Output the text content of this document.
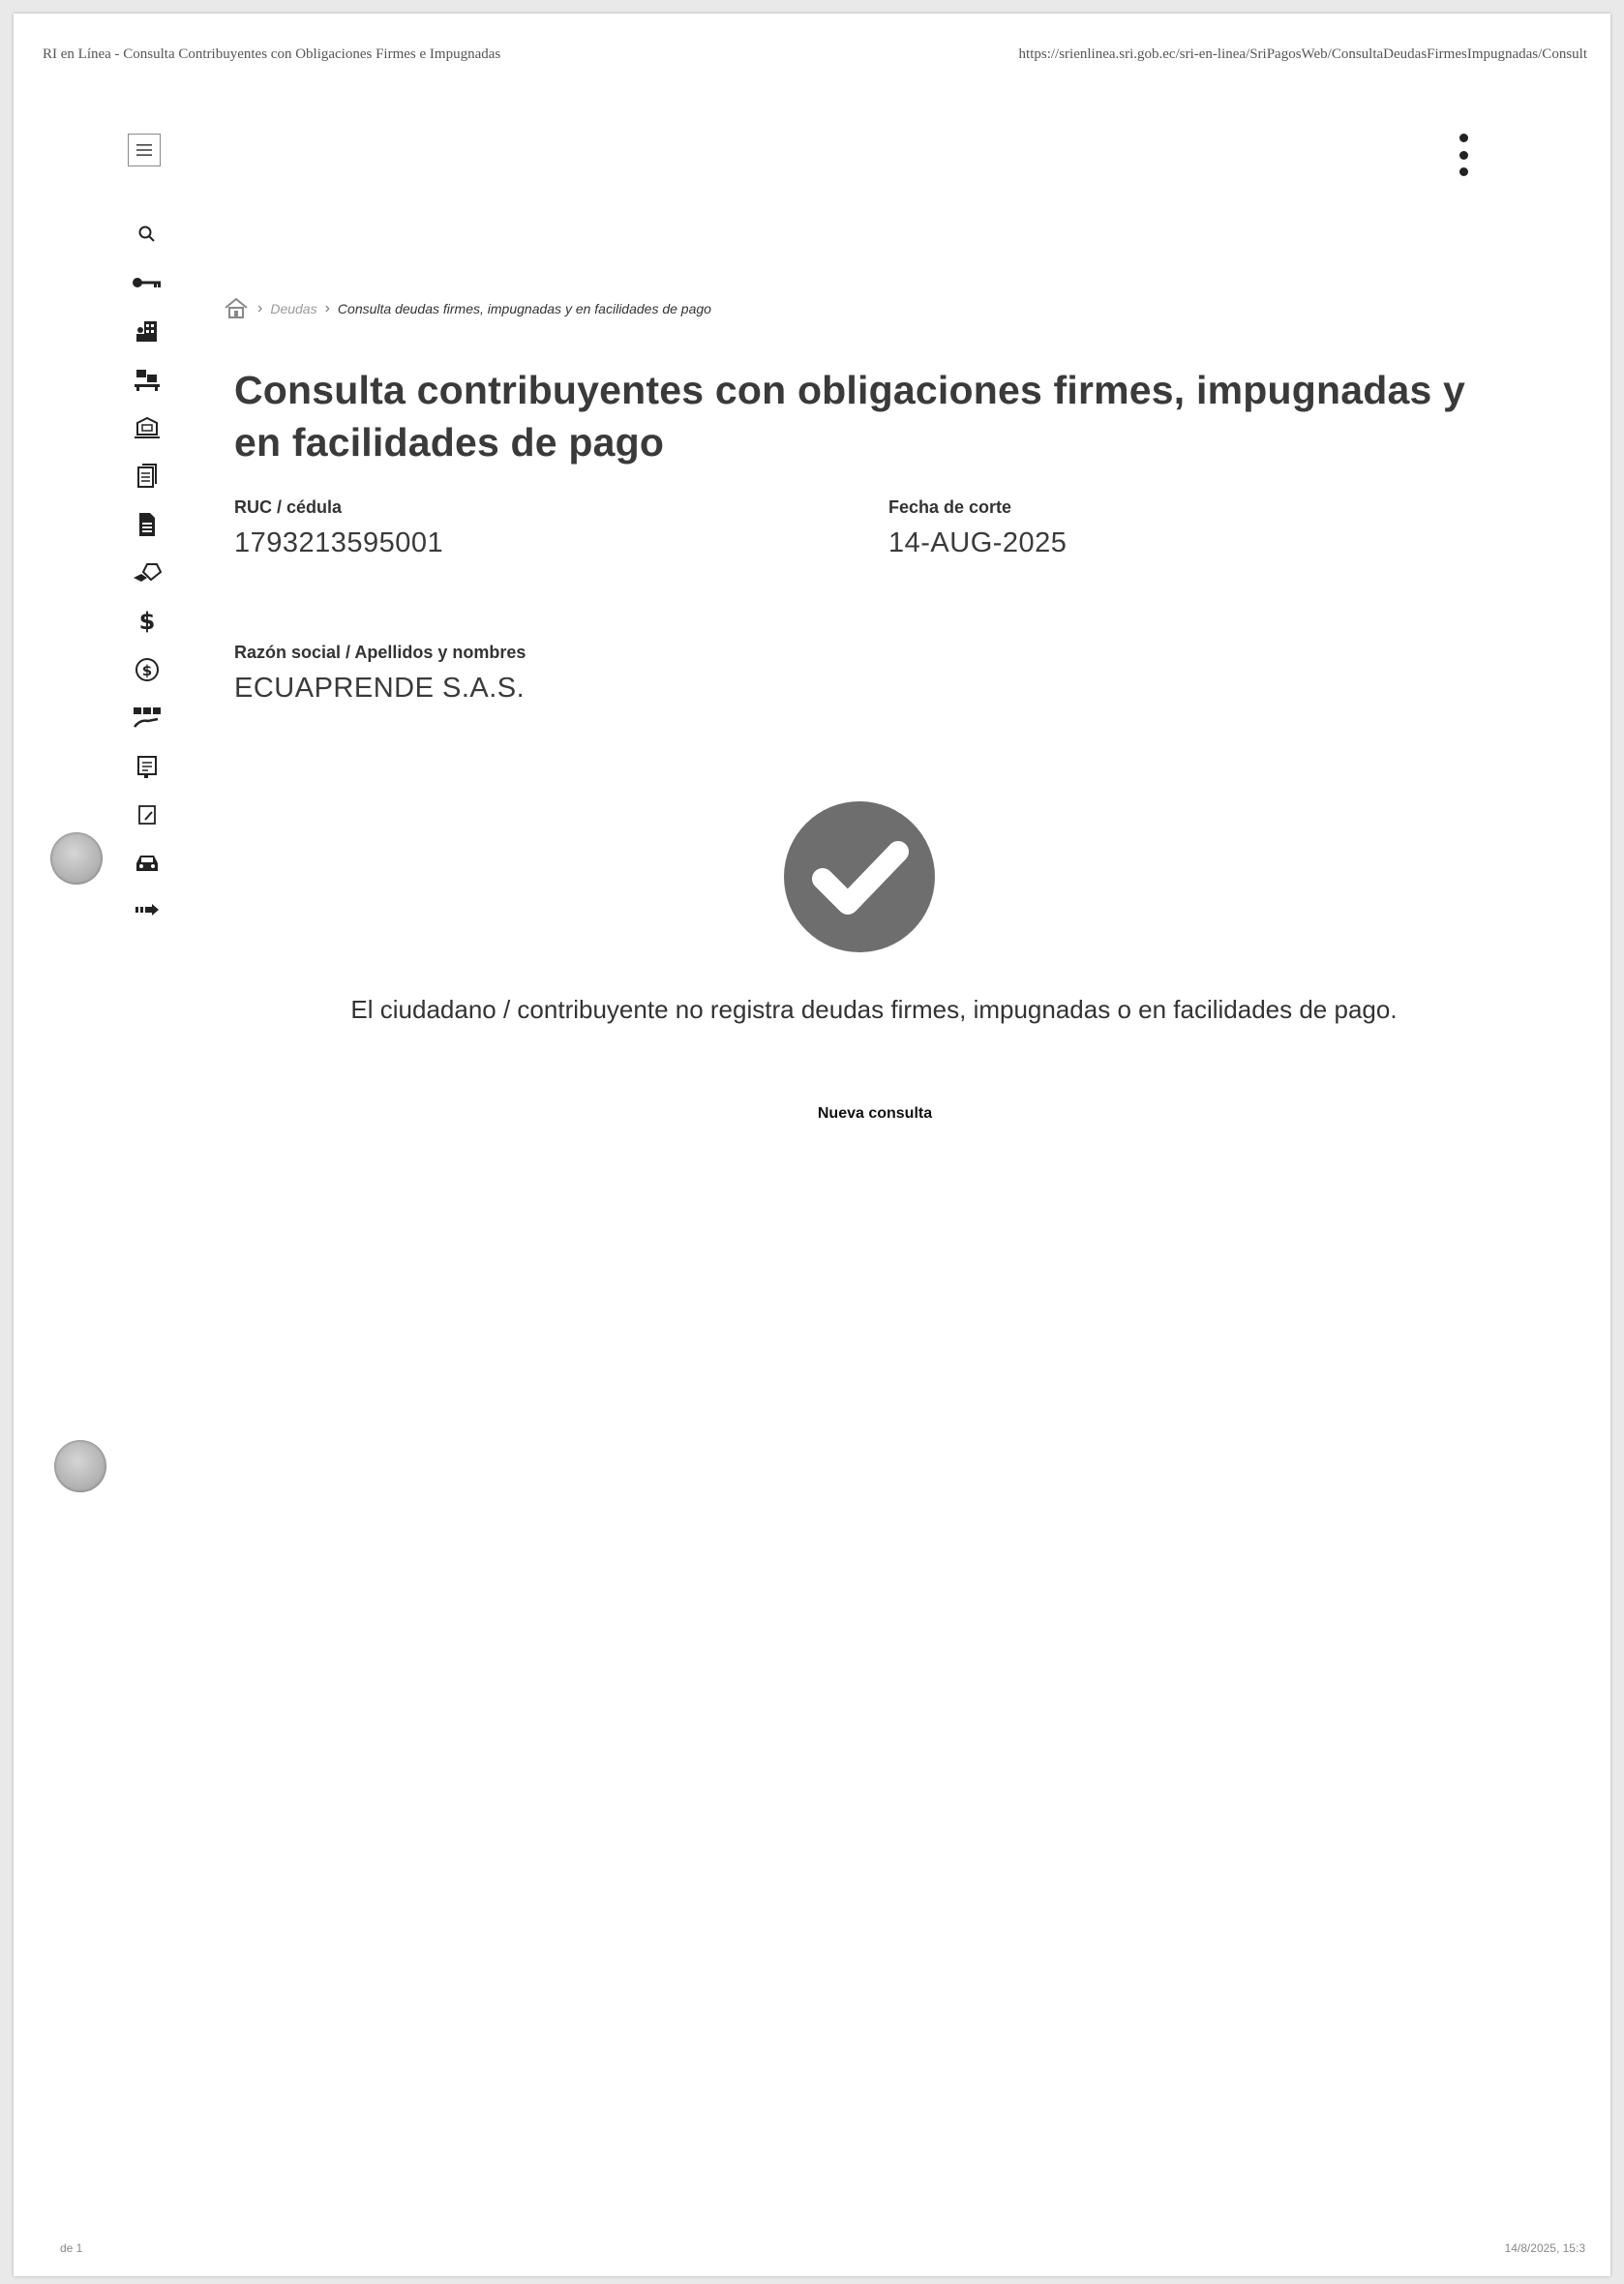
RI en Línea - Consulta Contribuyentes con Obligaciones Firmes e Impugnadas	https://srienlinea.sri.gob.ec/sri-en-linea/SriPagosWeb/ConsultaDeudasFirmesImpugnadas/Consult
$
$
› Deudas › Consulta deudas firmes, impugnadas y en facilidades de pago
Consulta contribuyentes con obligaciones firmes, impugnadas y en facilidades de pago
RUC / cédula
1793213595001
Fecha de corte
14-AUG-2025
Razón social / Apellidos y nombres
ECUAPRENDE S.A.S.
El ciudadano / contribuyente no registra deudas firmes, impugnadas o en facilidades de pago.
Nueva consulta
de 1	14/8/2025, 15:3
